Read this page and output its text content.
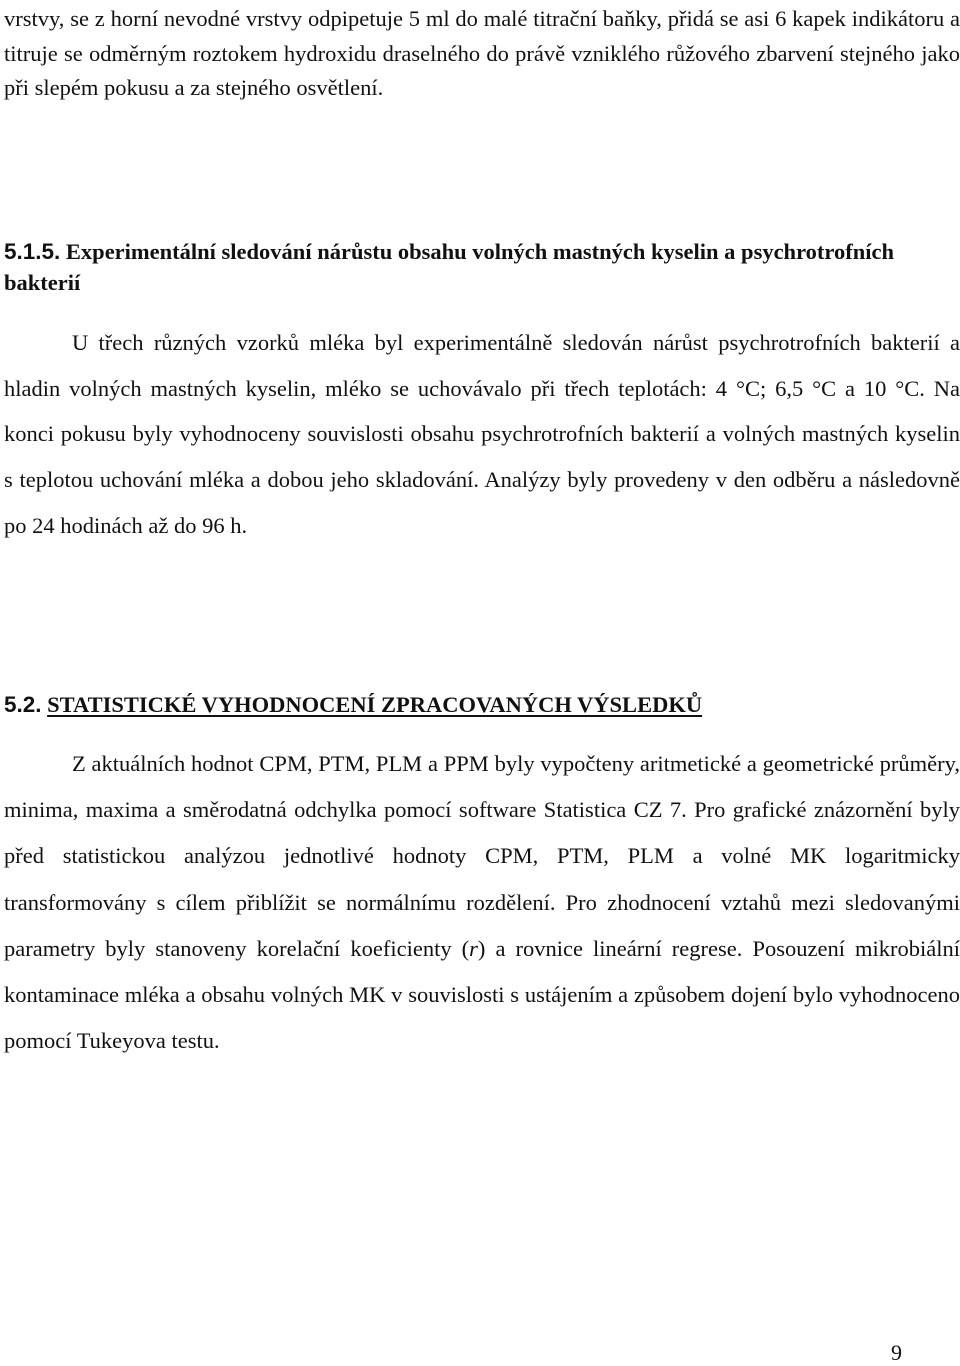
vrstvy, se z horní nevodné vrstvy odpipetuje 5 ml do malé titrační baňky, přidá se asi 6 kapek indikátoru a titruje se odměrným roztokem hydroxidu draselného do právě vzniklého růžového zbarvení stejného jako při slepém pokusu a za stejného osvětlení.

5.1.5. Experimentální sledování nárůstu obsahu volných mastných kyselin a psychrotrofních bakterií

U třech různých vzorků mléka byl experimentálně sledován nárůst psychrotrofních bakterií a hladin volných mastných kyselin, mléko se uchovávalo při třech teplotách: 4 °C; 6,5 °C a 10 °C. Na konci pokusu byly vyhodnoceny souvislosti obsahu psychrotrofních bakterií a volných mastných kyselin s teplotou uchování mléka a dobou jeho skladování. Analýzy byly provedeny v den odběru a následovně po 24 hodinách až do 96 h.

5.2. STATISTICKÉ VYHODNOCENÍ ZPRACOVANÝCH VÝSLEDKŮ

Z aktuálních hodnot CPM, PTM, PLM a PPM byly vypočteny aritmetické a geometrické průměry, minima, maxima a směrodatná odchylka pomocí software Statistica CZ 7. Pro grafické znázornění byly před statistickou analýzou jednotlivé hodnoty CPM, PTM, PLM a volné MK logaritmicky transformovány s cílem přiblížit se normálnímu rozdělení. Pro zhodnocení vztahů mezi sledovanými parametry byly stanoveny korelační koeficienty (r) a rovnice lineární regrese. Posouzení mikrobiální kontaminace mléka a obsahu volných MK v souvislosti s ustájením a způsobem dojení bylo vyhodnoceno pomocí Tukeyova testu.

9
